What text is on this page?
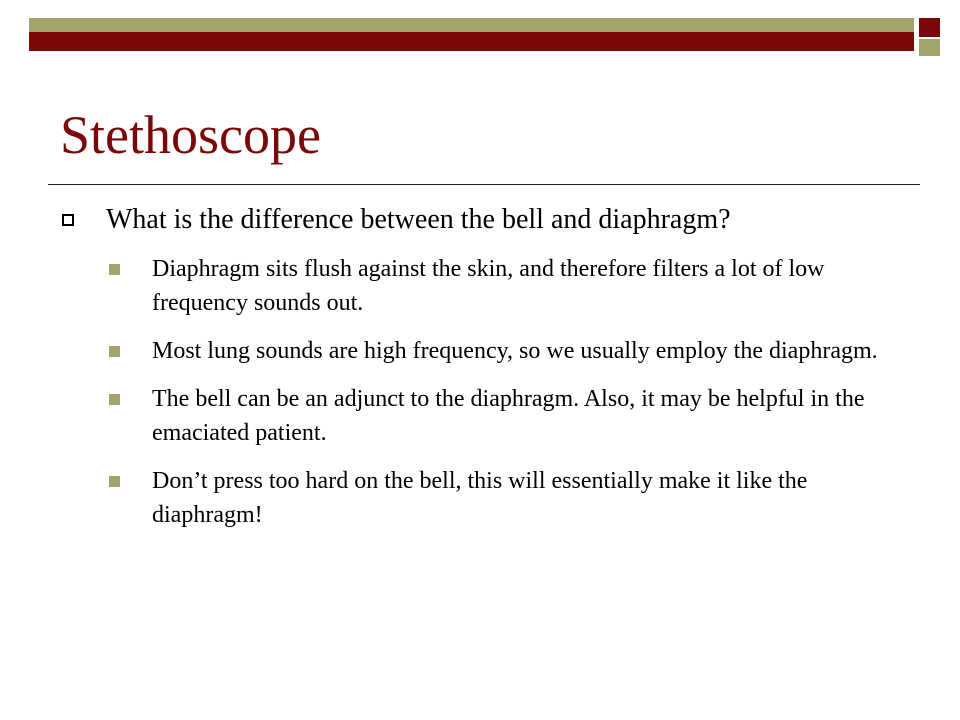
Stethoscope
What is the difference between the bell and diaphragm?
Diaphragm sits flush against the skin, and therefore filters a lot of low frequency sounds out.
Most lung sounds are high frequency, so we usually employ the diaphragm.
The bell can be an adjunct to the diaphragm. Also, it may be helpful in the emaciated patient.
Don’t press too hard on the bell, this will essentially make it like the diaphragm!
